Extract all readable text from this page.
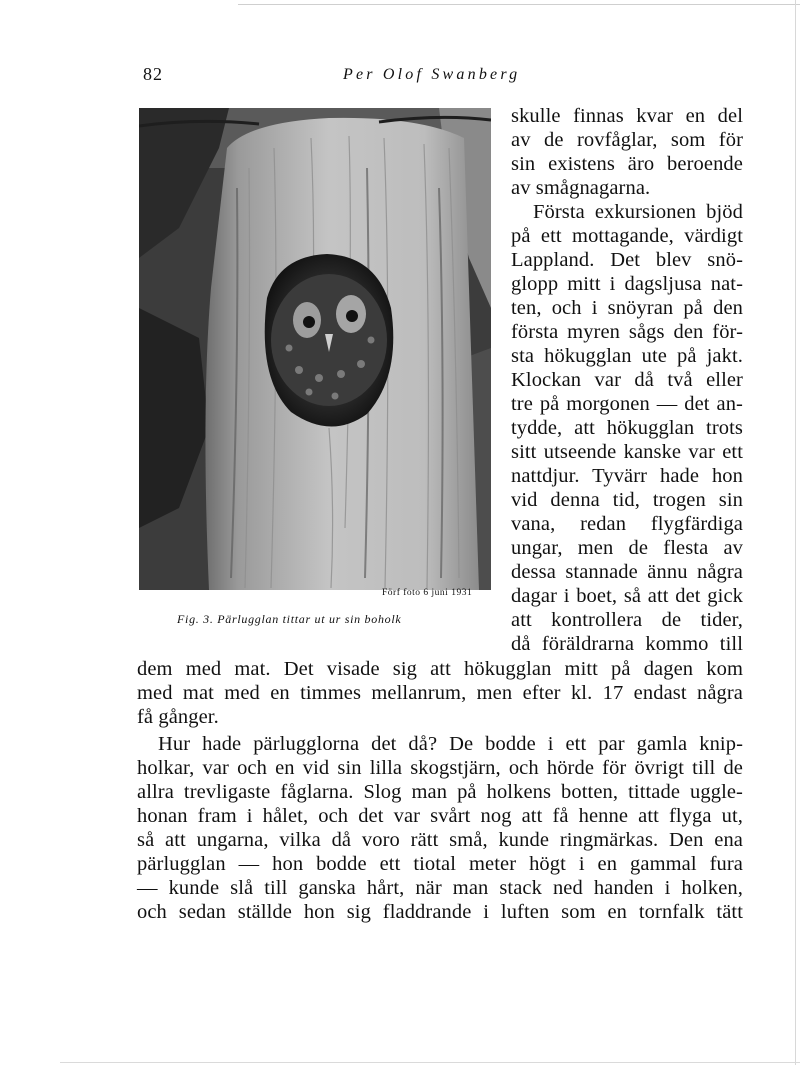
82	Per Olof Swanberg
Förf foto 6 juni 1931
Fig. 3. Pärlugglan tittar ut ur sin boholk
skulle finnas kvar en del
av de rovfåglar, som för
sin existens äro beroende
av smågnagarna.
Första exkursionen bjöd
på ett mottagande, värdigt
Lappland. Det blev snö-
glopp mitt i dagsljusa nat-
ten, och i snöyran på den
första myren sågs den för-
sta hökugglan ute på jakt.
Klockan var då två eller
tre på morgonen — det an-
tydde, att hökugglan trots
sitt utseende kanske var ett
nattdjur. Tyvärr hade hon
vid denna tid, trogen sin
vana, redan flygfärdiga
ungar, men de flesta av
dessa stannade ännu några
dagar i boet, så att det gick
att kontrollera de tider,
då föräldrarna kommo till
dem med mat. Det visade sig att hökugglan mitt på dagen kom
med mat med en timmes mellanrum, men efter kl. 17 endast några
få gånger.
Hur hade pärlugglorna det då? De bodde i ett par gamla knip-
holkar, var och en vid sin lilla skogstjärn, och hörde för övrigt till de
allra trevligaste fåglarna. Slog man på holkens botten, tittade uggle-
honan fram i hålet, och det var svårt nog att få henne att flyga ut,
så att ungarna, vilka då voro rätt små, kunde ringmärkas. Den ena
pärlugglan — hon bodde ett tiotal meter högt i en gammal fura
— kunde slå till ganska hårt, när man stack ned handen i holken,
och sedan ställde hon sig fladdrande i luften som en tornfalk tätt
